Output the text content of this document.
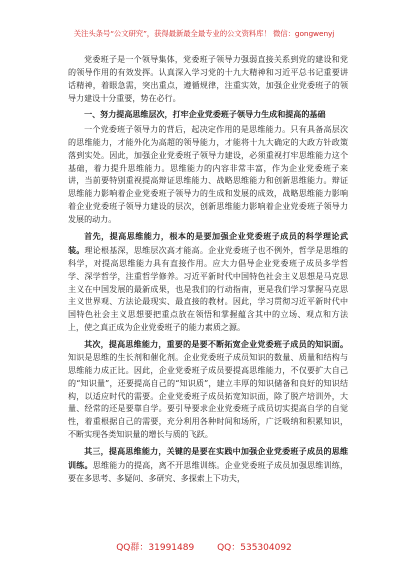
关注头条号“公文研究”，获得最新最全最专业的公文资料库！ 微信：gongwenyj

党委班子是一个领导集体，党委班子领导力强弱直接关系到党的建设和党的领导作用的有效发挥。认真深入学习党的十九大精神和习近平总书记重要讲话精神，着眼急需，突出重点，遵循规律，注重实效，加强企业党委班子的领导力建设十分重要，势在必行。

一、努力提高思维层次，打牢企业党委班子领导力生成和提高的基础

一个党委班子领导力的背后，起决定作用的是思维能力。只有具备高层次的思维能力，才能外化为高超的领导能力，才能将十九大确定的大政方针政策落到实处。因此，加强企业党委班子领导力建设，必须重视打牢思维能力这个基础，着力提升思维能力。思维能力的内容非常丰富，作为企业党委班子来讲，当前要特别重视提高辩证思维能力、战略思维能力和创新思维能力。辩证思维能力影响着企业党委班子领导力的生成和发展的成效，战略思维能力影响着企业党委班子领导力建设的层次，创新思维能力影响着企业党委班子领导力发展的动力。

首先，提高思维能力，根本的是要加强企业党委班子成员的科学理论武装。理论根基深，思维层次高才能高。企业党委班子也不例外，哲学是思维的科学，对提高思维能力具有直接作用。应大力倡导企业党委班子成员多学哲学、深学哲学，注重哲学修养。习近平新时代中国特色社会主义思想是马克思主义在中国发展的最新成果，也是我们的行动指南，更是我们学习掌握马克思主义世界观、方法论最现实、最直接的教材。因此，学习贯彻习近平新时代中国特色社会主义思想要把重点放在领悟和掌握蕴含其中的立场、观点和方法上，使之真正成为企业党委班子的能力素质之源。

其次，提高思维能力，重要的是要不断拓宽企业党委班子成员的知识面。知识是思维的生长剂和催化剂。企业党委班子成员知识的数量、质量和结构与思维能力成正比。因此，企业党委班子成员要提高思维能力，不仅要扩大自己的“知识量”，还要提高自己的“知识质”，建立丰厚的知识储备和良好的知识结构，以适应时代的需要。企业党委班子成员拓宽知识面，除了脱产培训外，大量、经常的还是要靠自学。要引导要求企业党委班子成员切实提高自学的自觉性，着重根据自己的需要，充分利用各种时间和场所，广泛吸纳和积累知识，不断实现各类知识量的增长与质的飞跃。

其三，提高思维能力，关键的是要在实践中加强企业党委班子成员的思维训练。思维能力的提高，离不开思维训练。企业党委班子成员加强思维训练，要在多思考、多疑问、多研究、多探索上下功夫，

QQ群：31991489	QQ：535304092
